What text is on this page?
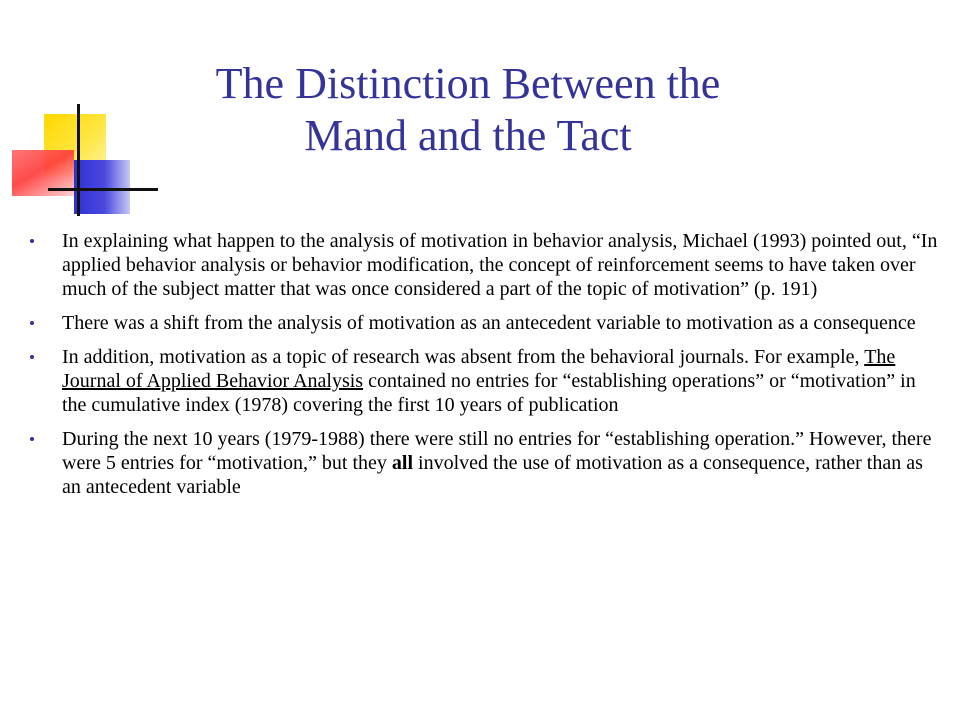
The Distinction Between the
Mand and the Tact
In explaining what happen to the analysis of motivation in behavior analysis, Michael (1993) pointed out, “In applied behavior analysis or behavior modification, the concept of reinforcement seems to have taken over much of the subject matter that was once considered a part of the topic of motivation” (p. 191)
There was a shift from the analysis of motivation as an antecedent variable to motivation as a consequence
In addition, motivation as a topic of research was absent from the behavioral journals. For example, The Journal of Applied Behavior Analysis contained no entries for “establishing operations” or “motivation” in the cumulative index (1978) covering the first 10 years of publication
During the next 10 years (1979-1988) there were still no entries for “establishing operation.” However, there were 5 entries for “motivation,” but they all involved the use of motivation as a consequence, rather than as an antecedent variable
